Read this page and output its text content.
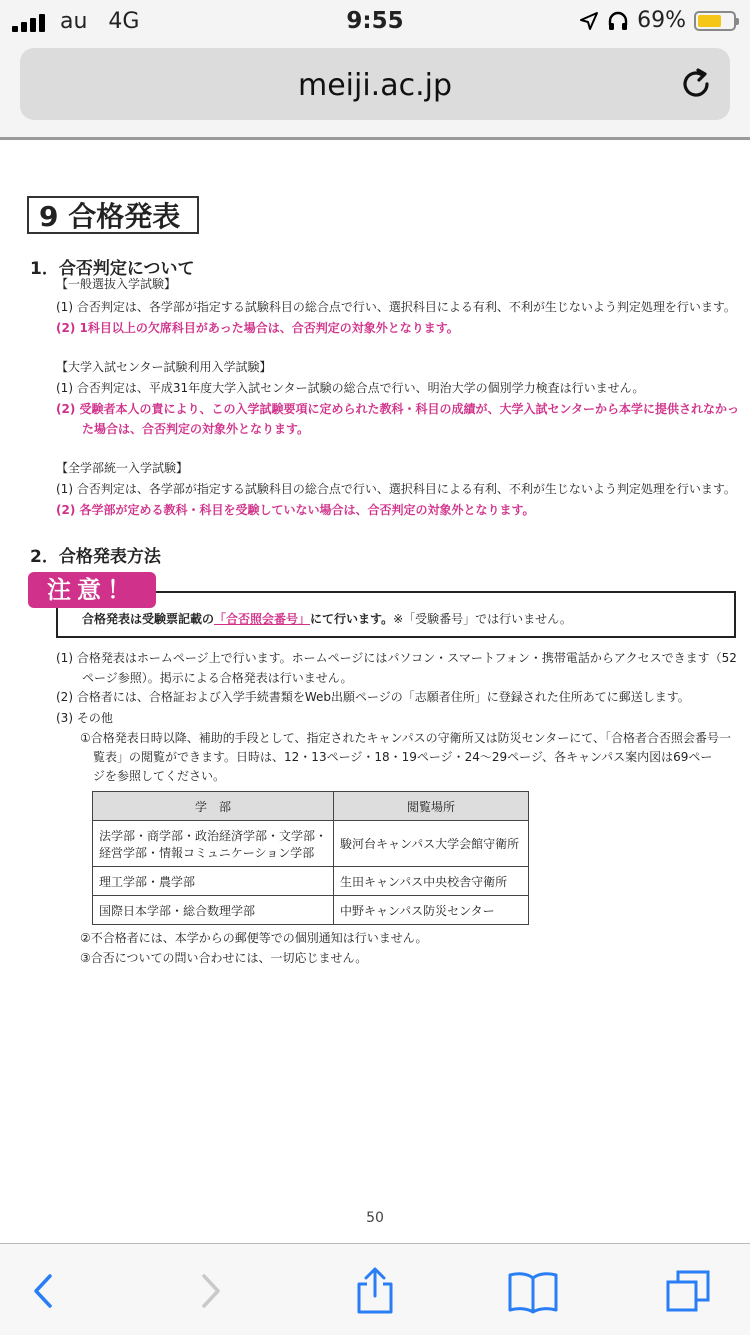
au 4G	9:55	69%
meiji.ac.jp
9 合格発表
1．合否判定について
【一般選抜入学試験】
(1) 合否判定は、各学部が指定する試験科目の総合点で行い、選択科目による有利、不利が生じないよう判定処理を行います。
(2) 1科目以上の欠席科目があった場合は、合否判定の対象外となります。
【大学入試センター試験利用入学試験】
(1) 合否判定は、平成31年度大学入試センター試験の総合点で行い、明治大学の個別学力検査は行いません。
(2) 受験者本人の責により、この入学試験要項に定められた教科・科目の成績が、大学入試センターから本学に提供されなかっ
た場合は、合否判定の対象外となります。
【全学部統一入学試験】
(1) 合否判定は、各学部が指定する試験科目の総合点で行い、選択科目による有利、不利が生じないよう判定処理を行います。
(2) 各学部が定める教科・科目を受験していない場合は、合否判定の対象外となります。
2．合格発表方法
合格発表は受験票記載の「合否照会番号」にて行います。※「受験番号」では行いません。
注意！
(1) 合格発表はホームページ上で行います。ホームページにはパソコン・スマートフォン・携帯電話からアクセスできます（52
ページ参照）。掲示による合格発表は行いません。
(2) 合格者には、合格証および入学手続書類をWeb出願ページの「志願者住所」に登録された住所あてに郵送します。
(3) その他
①合格発表日時以降、補助的手段として、指定されたキャンパスの守衛所又は防災センターにて、「合格者合否照会番号一
覧表」の閲覧ができます。日時は、12・13ページ・18・19ページ・24〜29ページ、各キャンパス案内図は69ペー
ジを参照してください。
学　部	閲覧場所
法学部・商学部・政治経済学部・文学部・
経営学部・情報コミュニケーション学部	駿河台キャンパス大学会館守衛所
理工学部・農学部	生田キャンパス中央校舎守衛所
国際日本学部・総合数理学部	中野キャンパス防災センター
②不合格者には、本学からの郵便等での個別通知は行いません。
③合否についての問い合わせには、一切応じません。
50
